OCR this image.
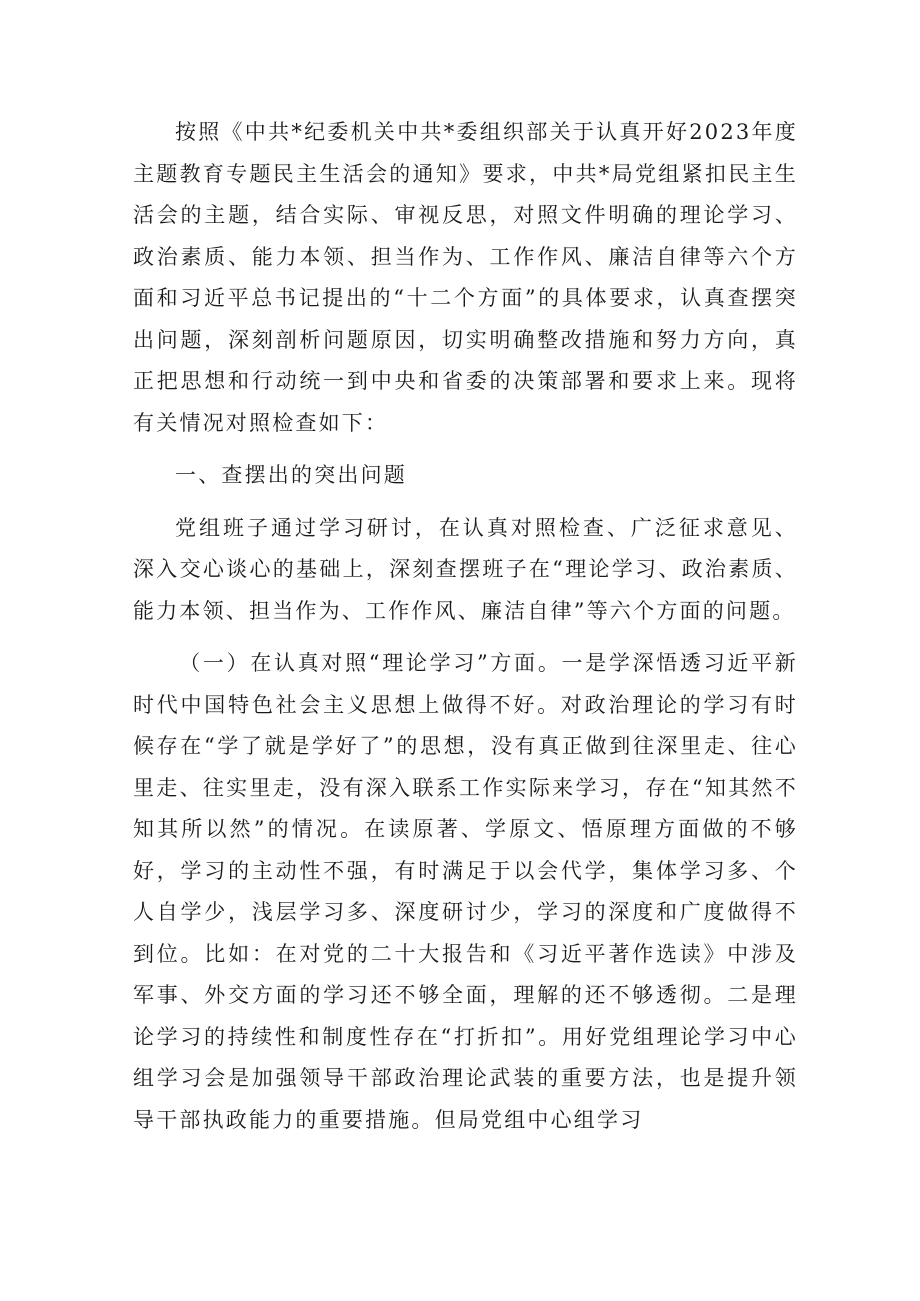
按照《中共*纪委机关中共*委组织部关于认真开好2023年度主题教育专题民主生活会的通知》要求，中共*局党组紧扣民主生活会的主题，结合实际、审视反思，对照文件明确的理论学习、政治素质、能力本领、担当作为、工作作风、廉洁自律等六个方面和习近平总书记提出的“十二个方面”的具体要求，认真查摆突出问题，深刻剖析问题原因，切实明确整改措施和努力方向，真正把思想和行动统一到中央和省委的决策部署和要求上来。现将有关情况对照检查如下：

一、查摆出的突出问题

党组班子通过学习研讨，在认真对照检查、广泛征求意见、深入交心谈心的基础上，深刻查摆班子在“理论学习、政治素质、能力本领、担当作为、工作作风、廉洁自律”等六个方面的问题。

（一）在认真对照“理论学习”方面。一是学深悟透习近平新时代中国特色社会主义思想上做得不好。对政治理论的学习有时候存在“学了就是学好了”的思想，没有真正做到往深里走、往心里走、往实里走，没有深入联系工作实际来学习，存在“知其然不知其所以然”的情况。在读原著、学原文、悟原理方面做的不够好，学习的主动性不强，有时满足于以会代学，集体学习多、个人自学少，浅层学习多、深度研讨少，学习的深度和广度做得不到位。比如：在对党的二十大报告和《习近平著作选读》中涉及军事、外交方面的学习还不够全面，理解的还不够透彻。二是理论学习的持续性和制度性存在“打折扣”。用好党组理论学习中心组学习会是加强领导干部政治理论武装的重要方法，也是提升领导干部执政能力的重要措施。但局党组中心组学习
